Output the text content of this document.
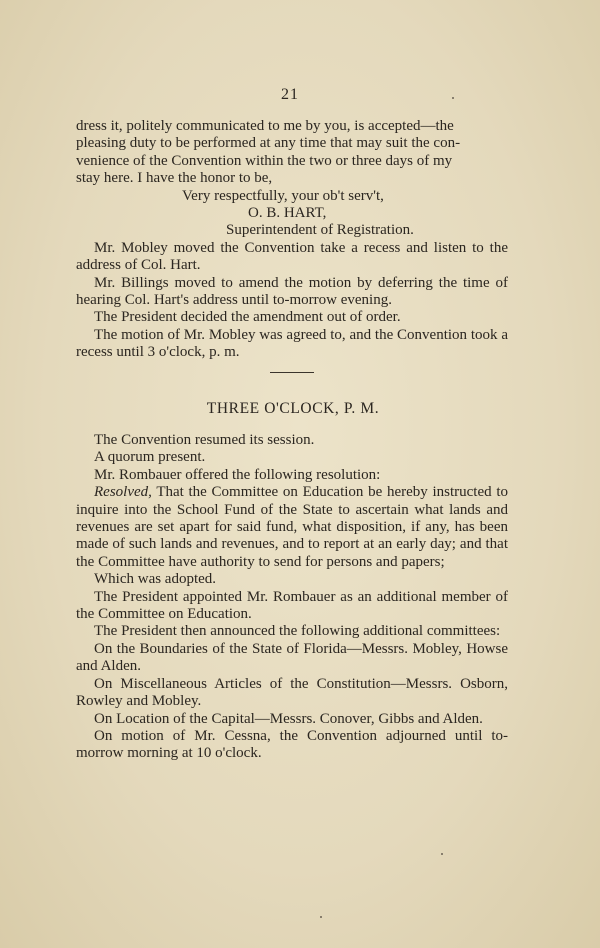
21

dress it, politely communicated to me by you, is accepted—the

pleasing duty to be performed at any time that may suit the con-

venience of the Convention within the two or three days of my

stay here. I have the honor to be,

Very respectfully, your ob't serv't,

O. B. HART,

Superintendent of Registration.

Mr. Mobley moved the Convention take a recess and listen to the address of Col. Hart.

Mr. Billings moved to amend the motion by deferring the time of hearing Col. Hart's address until to-morrow evening.

The President decided the amendment out of order.

The motion of Mr. Mobley was agreed to, and the Convention took a recess until 3 o'clock, p. m.

THREE O'CLOCK, P. M.

The Convention resumed its session.

A quorum present.

Mr. Rombauer offered the following resolution:

Resolved, That the Committee on Education be hereby instructed to inquire into the School Fund of the State to ascertain what lands and revenues are set apart for said fund, what disposition, if any, has been made of such lands and revenues, and to report at an early day; and that the Committee have authority to send for persons and papers;

Which was adopted.

The President appointed Mr. Rombauer as an additional member of the Committee on Education.

The President then announced the following additional committees:

On the Boundaries of the State of Florida—Messrs. Mobley, Howse and Alden.

On Miscellaneous Articles of the Constitution—Messrs. Osborn, Rowley and Mobley.

On Location of the Capital—Messrs. Conover, Gibbs and Alden.

On motion of Mr. Cessna, the Convention adjourned until to-morrow morning at 10 o'clock.
